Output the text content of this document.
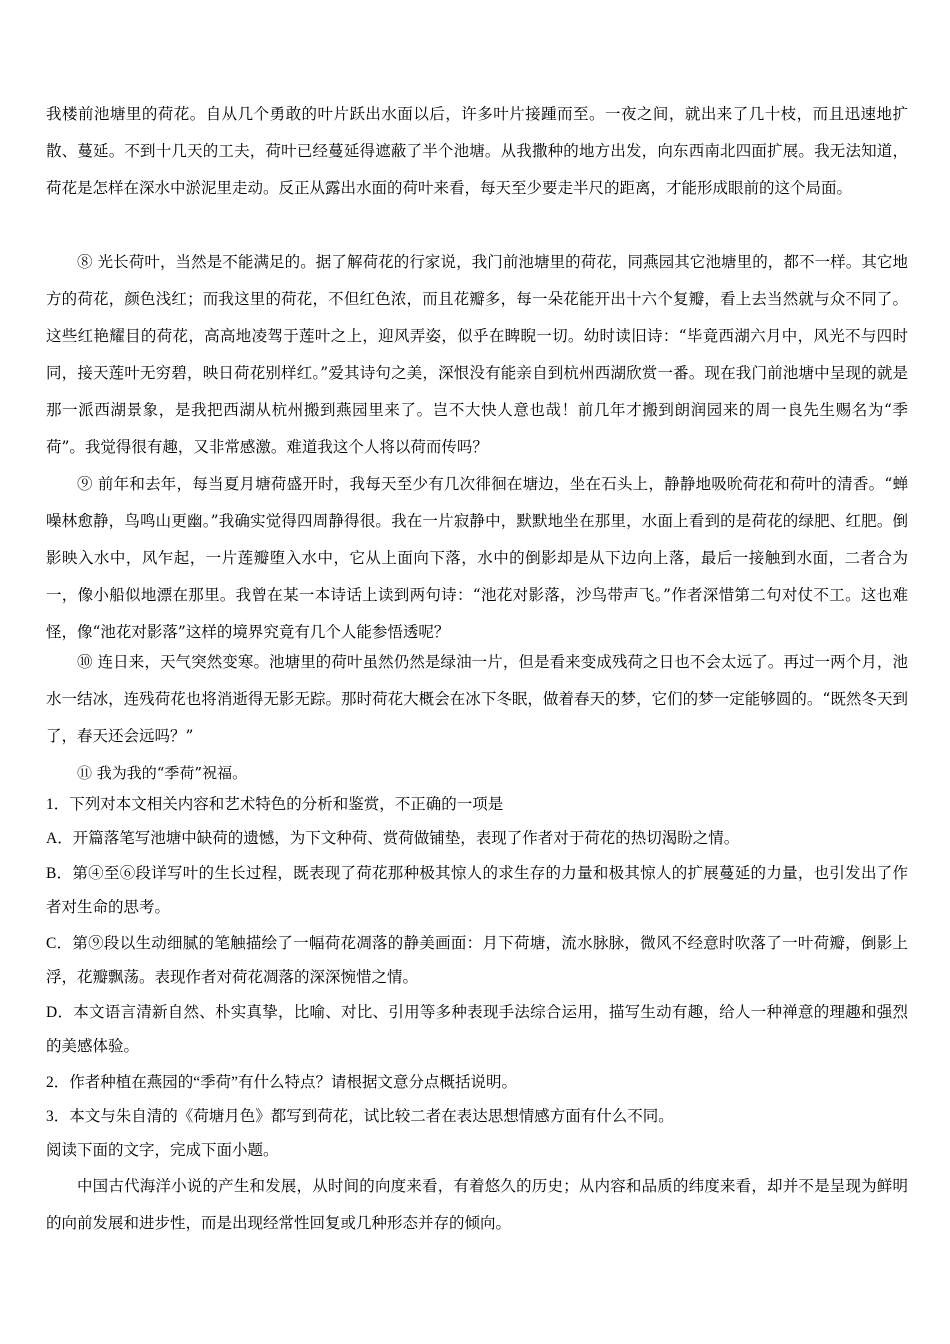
我楼前池塘里的荷花。自从几个勇敢的叶片跃出水面以后，许多叶片接踵而至。一夜之间，就出来了几十枝，而且迅速地扩散、蔓延。不到十几天的工夫，荷叶已经蔓延得遮蔽了半个池塘。从我撒种的地方出发，向东西南北四面扩展。我无法知道，荷花是怎样在深水中淤泥里走动。反正从露出水面的荷叶来看，每天至少要走半尺的距离，才能形成眼前的这个局面。

⑧ 光长荷叶，当然是不能满足的。据了解荷花的行家说，我门前池塘里的荷花，同燕园其它池塘里的，都不一样。其它地方的荷花，颜色浅红；而我这里的荷花，不但红色浓，而且花瓣多，每一朵花能开出十六个复瓣，看上去当然就与众不同了。这些红艳耀目的荷花，高高地凌驾于莲叶之上，迎风弄姿，似乎在睥睨一切。幼时读旧诗：“毕竟西湖六月中，风光不与四时同，接天莲叶无穷碧，映日荷花别样红。”爱其诗句之美，深恨没有能亲自到杭州西湖欣赏一番。现在我门前池塘中呈现的就是那一派西湖景象，是我把西湖从杭州搬到燕园里来了。岂不大快人意也哉！前几年才搬到朗润园来的周一良先生赐名为“季荷”。我觉得很有趣，又非常感激。难道我这个人将以荷而传吗？

⑨ 前年和去年，每当夏月塘荷盛开时，我每天至少有几次徘徊在塘边，坐在石头上，静静地吸吮荷花和荷叶的清香。“蝉噪林愈静，鸟鸣山更幽。”我确实觉得四周静得很。我在一片寂静中，默默地坐在那里，水面上看到的是荷花的绿肥、红肥。倒影映入水中，风乍起，一片莲瓣堕入水中，它从上面向下落，水中的倒影却是从下边向上落，最后一接触到水面，二者合为一，像小船似地漂在那里。我曾在某一本诗话上读到两句诗：“池花对影落，沙鸟带声飞。”作者深惜第二句对仗不工。这也难怪，像“池花对影落”这样的境界究竟有几个人能参悟透呢？

⑩ 连日来，天气突然变寒。池塘里的荷叶虽然仍然是绿油一片，但是看来变成残荷之日也不会太远了。再过一两个月，池水一结冰，连残荷花也将消逝得无影无踪。那时荷花大概会在冰下冬眠，做着春天的梦，它们的梦一定能够圆的。“既然冬天到了，春天还会远吗？”

⑪ 我为我的“季荷”祝福。

1．下列对本文相关内容和艺术特色的分析和鉴赏，不正确的一项是

A．开篇落笔写池塘中缺荷的遗憾，为下文种荷、赏荷做铺垫，表现了作者对于荷花的热切渴盼之情。

B．第④至⑥段详写叶的生长过程，既表现了荷花那种极其惊人的求生存的力量和极其惊人的扩展蔓延的力量，也引发出了作者对生命的思考。

C．第⑨段以生动细腻的笔触描绘了一幅荷花凋落的静美画面：月下荷塘，流水脉脉，微风不经意时吹落了一叶荷瓣，倒影上浮，花瓣飘荡。表现作者对荷花凋落的深深惋惜之情。

D．本文语言清新自然、朴实真挚，比喻、对比、引用等多种表现手法综合运用，描写生动有趣，给人一种禅意的理趣和强烈的美感体验。

2．作者种植在燕园的“季荷”有什么特点？请根据文意分点概括说明。

3．本文与朱自清的《荷塘月色》都写到荷花，试比较二者在表达思想情感方面有什么不同。

阅读下面的文字，完成下面小题。

中国古代海洋小说的产生和发展，从时间的向度来看，有着悠久的历史；从内容和品质的纬度来看，却并不是呈现为鲜明的向前发展和进步性，而是出现经常性回复或几种形态并存的倾向。
